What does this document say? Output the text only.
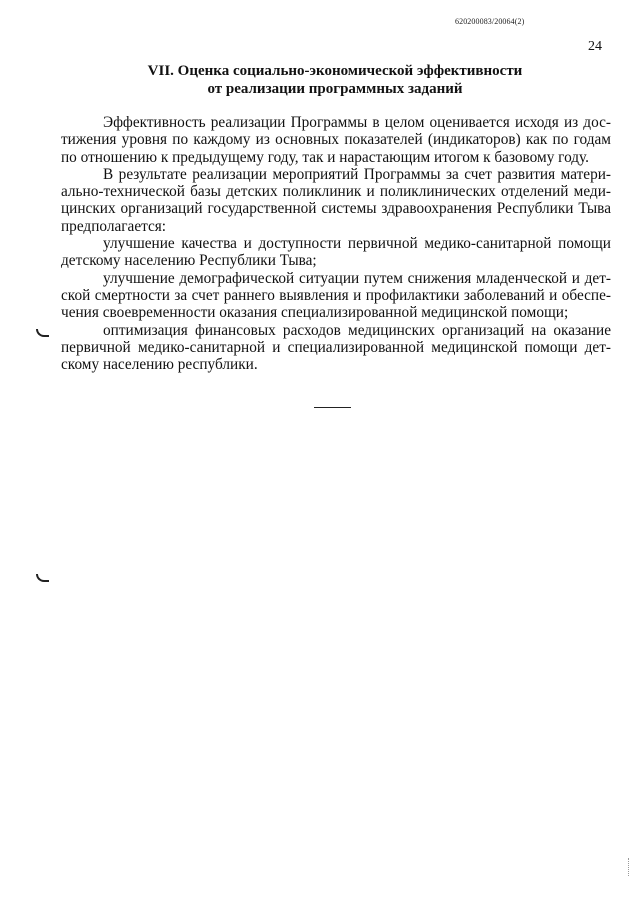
620200083/20064(2)
24
VII. Оценка социально-экономической эффективности
от реализации программных заданий
Эффективность реализации Программы в целом оценивается исходя из дос-
тижения уровня по каждому из основных показателей (индикаторов) как по годам
по отношению к предыдущему году, так и нарастающим итогом к базовому году.
В результате реализации мероприятий Программы за счет развития матери-
ально-технической базы детских поликлиник и поликлинических отделений меди-
цинских организаций государственной системы здравоохранения Республики Тыва
предполагается:
улучшение качества и доступности первичной медико-санитарной помощи
детскому населению Республики Тыва;
улучшение демографической ситуации путем снижения младенческой и дет-
ской смертности за счет раннего выявления и профилактики заболеваний и обеспе-
чения своевременности оказания специализированной медицинской помощи;
оптимизация финансовых расходов медицинских организаций на оказание
первичной медико-санитарной и специализированной медицинской помощи дет-
скому населению республики.
